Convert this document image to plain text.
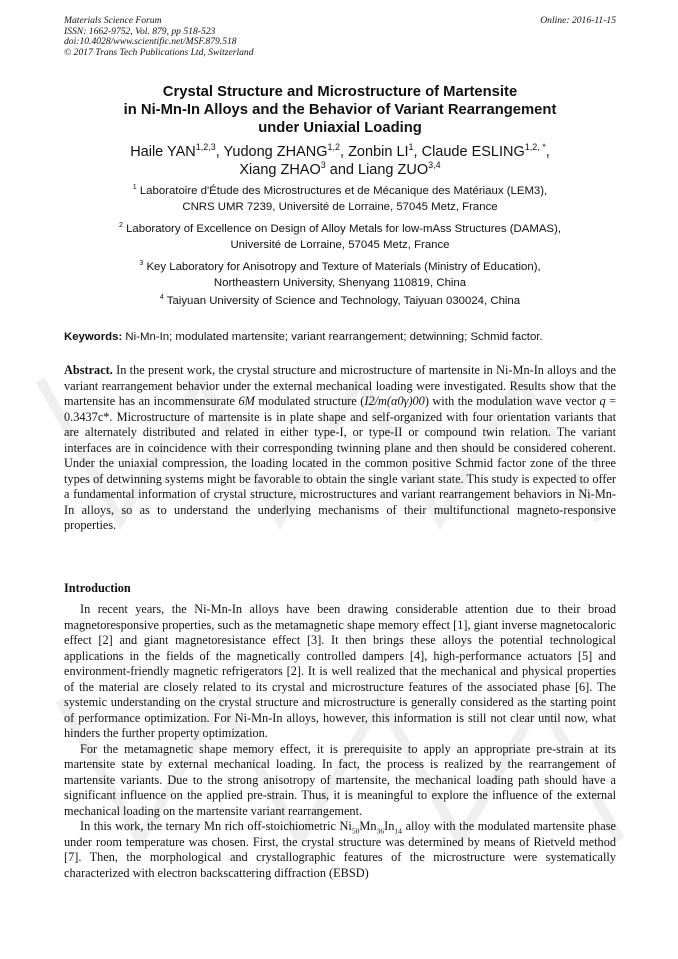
Materials Science Forum	Online: 2016-11-15
ISSN: 1662-9752, Vol. 879, pp 518-523
doi:10.4028/www.scientific.net/MSF.879.518
© 2017 Trans Tech Publications Ltd, Switzerland
Crystal Structure and Microstructure of Martensite
in Ni-Mn-In Alloys and the Behavior of Variant Rearrangement
under Uniaxial Loading
Haile YAN$^{1,2,3}$, Yudong ZHANG$^{1,2}$, Zonbin $LI^1$, Claude $ESLING^{1,2, *}$,
Xiang ZHAO$^3$ and Liang ZUO$^{3,4}$
$^1$ Laboratoire d'Étude des Microstructures et de Mécanique des Matériaux (LEM3),
CNRS UMR 7239, Université de Lorraine, 57045 Metz, France
$^2$ Laboratory of Excellence on Design of Alloy Metals for low-mAss Structures (DAMAS),
Université de Lorraine, 57045 Metz, France
$^3$ Key Laboratory for Anisotropy and Texture of Materials (Ministry of Education),
Northeastern University, Shenyang 110819, China
$^4$ Taiyuan University of Science and Technology, Taiyuan 030024, China
Keywords: Ni-Mn-In; modulated martensite; variant rearrangement; detwinning; Schmid factor.
Abstract. In the present work, the crystal structure and microstructure of martensite in Ni-Mn-In alloys and the variant rearrangement behavior under the external mechanical loading were investigated. Results show that the martensite has an incommensurate 6M modulated structure (I2/m(α0γ)00) with the modulation wave vector q = 0.3437c*. Microstructure of martensite is in plate shape and self-organized with four orientation variants that are alternately distributed and related in either type-I, or type-II or compound twin relation. The variant interfaces are in coincidence with their corresponding twinning plane and then should be considered coherent. Under the uniaxial compression, the loading located in the common positive Schmid factor zone of the three types of detwinning systems might be favorable to obtain the single variant state. This study is expected to offer a fundamental information of crystal structure, microstructures and variant rearrangement behaviors in Ni-Mn-In alloys, so as to understand the underlying mechanisms of their multifunctional magneto-responsive properties.
Introduction

In recent years, the Ni-Mn-In alloys have been drawing considerable attention due to their broad magnetoresponsive properties, such as the metamagnetic shape memory effect [1], giant inverse magnetocaloric effect [2] and giant magnetoresistance effect [3]. It then brings these alloys the potential technological applications in the fields of the magnetically controlled dampers [4], high-performance actuators [5] and environment-friendly magnetic refrigerators [2]. It is well realized that the mechanical and physical properties of the material are closely related to its crystal and microstructure features of the associated phase [6]. The systemic understanding on the crystal structure and microstructure is generally considered as the starting point of performance optimization. For Ni-Mn-In alloys, however, this information is still not clear until now, what hinders the further property optimization.

For the metamagnetic shape memory effect, it is prerequisite to apply an appropriate pre-strain at its martensite state by external mechanical loading. In fact, the process is realized by the rearrangement of martensite variants. Due to the strong anisotropy of martensite, the mechanical loading path should have a significant influence on the applied pre-strain. Thus, it is meaningful to explore the influence of the external mechanical loading on the martensite variant rearrangement.

In this work, the ternary Mn rich off-stoichiometric $Ni_{50}Mn_{36}In_{14}$ alloy with the modulated martensite phase under room temperature was chosen. First, the crystal structure was determined by means of Rietveld method [7]. Then, the morphological and crystallographic features of the microstructure were systematically characterized with electron backscattering diffraction (EBSD)
